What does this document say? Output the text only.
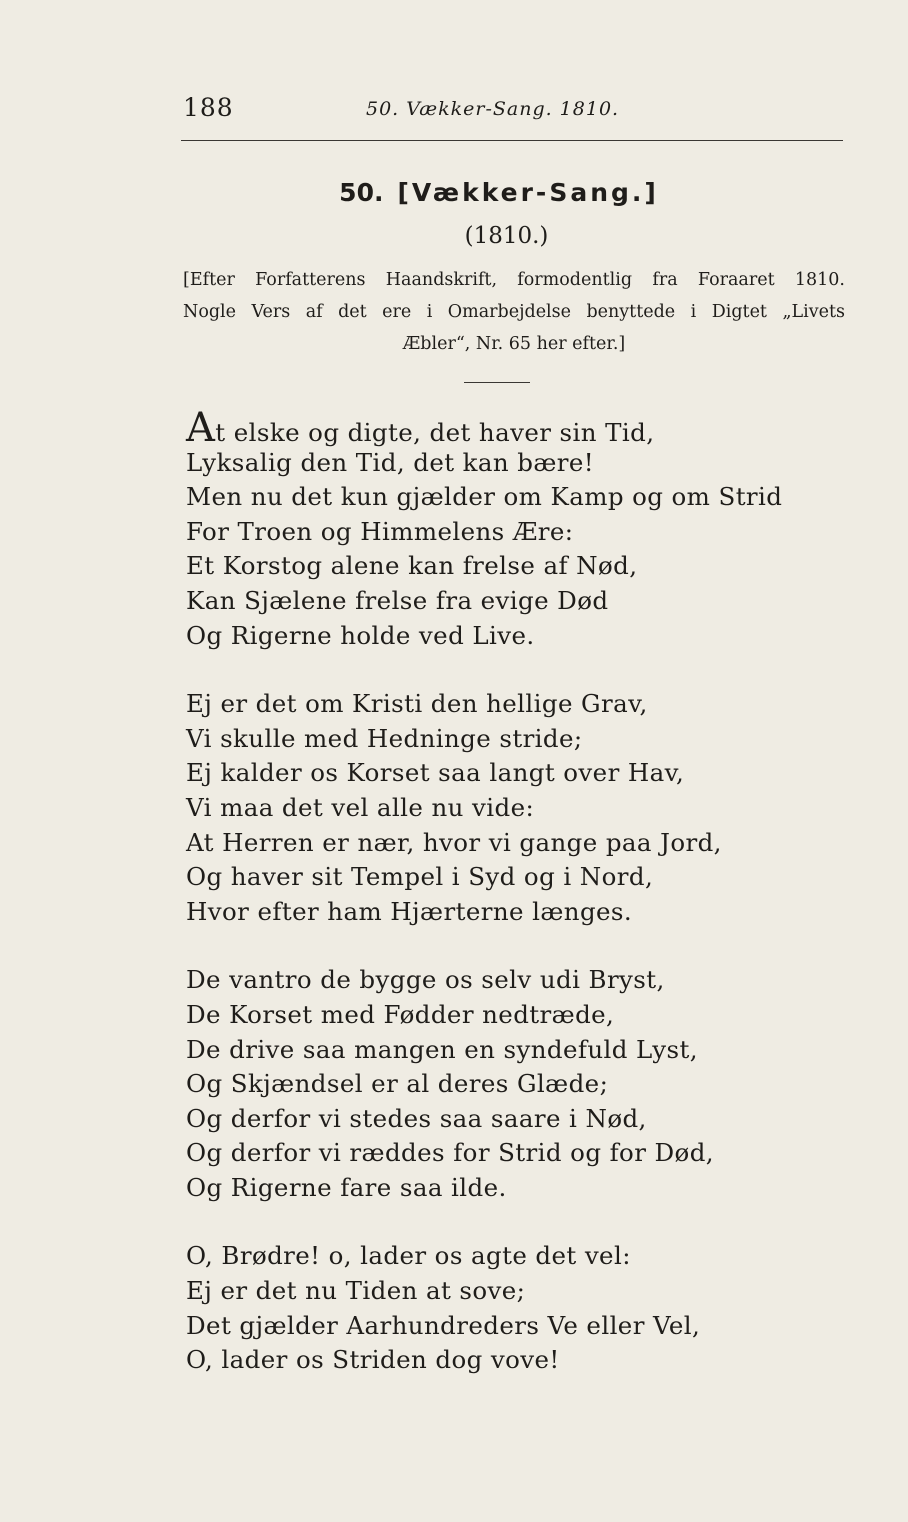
188	50. Vækker-Sang. 1810.
50. [Vækker-Sang.]
(1810.)
[Efter Forfatterens Haandskrift, formodentlig fra Foraaret 1810.
Nogle Vers af det ere i Omarbejdelse benyttede i Digtet „Livets
Æbler“, Nr. 65 her efter.]
At elske og digte, det haver sin Tid,
Lyksalig den Tid, det kan bære!
Men nu det kun gjælder om Kamp og om Strid
For Troen og Himmelens Ære:
Et Korstog alene kan frelse af Nød,
Kan Sjælene frelse fra evige Død
Og Rigerne holde ved Live.
Ej er det om Kristi den hellige Grav,
Vi skulle med Hedninge stride;
Ej kalder os Korset saa langt over Hav,
Vi maa det vel alle nu vide:
At Herren er nær, hvor vi gange paa Jord,
Og haver sit Tempel i Syd og i Nord,
Hvor efter ham Hjærterne længes.
De vantro de bygge os selv udi Bryst,
De Korset med Fødder nedtræde,
De drive saa mangen en syndefuld Lyst,
Og Skjændsel er al deres Glæde;
Og derfor vi stedes saa saare i Nød,
Og derfor vi ræddes for Strid og for Død,
Og Rigerne fare saa ilde.
O, Brødre! o, lader os agte det vel:
Ej er det nu Tiden at sove;
Det gjælder Aarhundreders Ve eller Vel,
O, lader os Striden dog vove!
